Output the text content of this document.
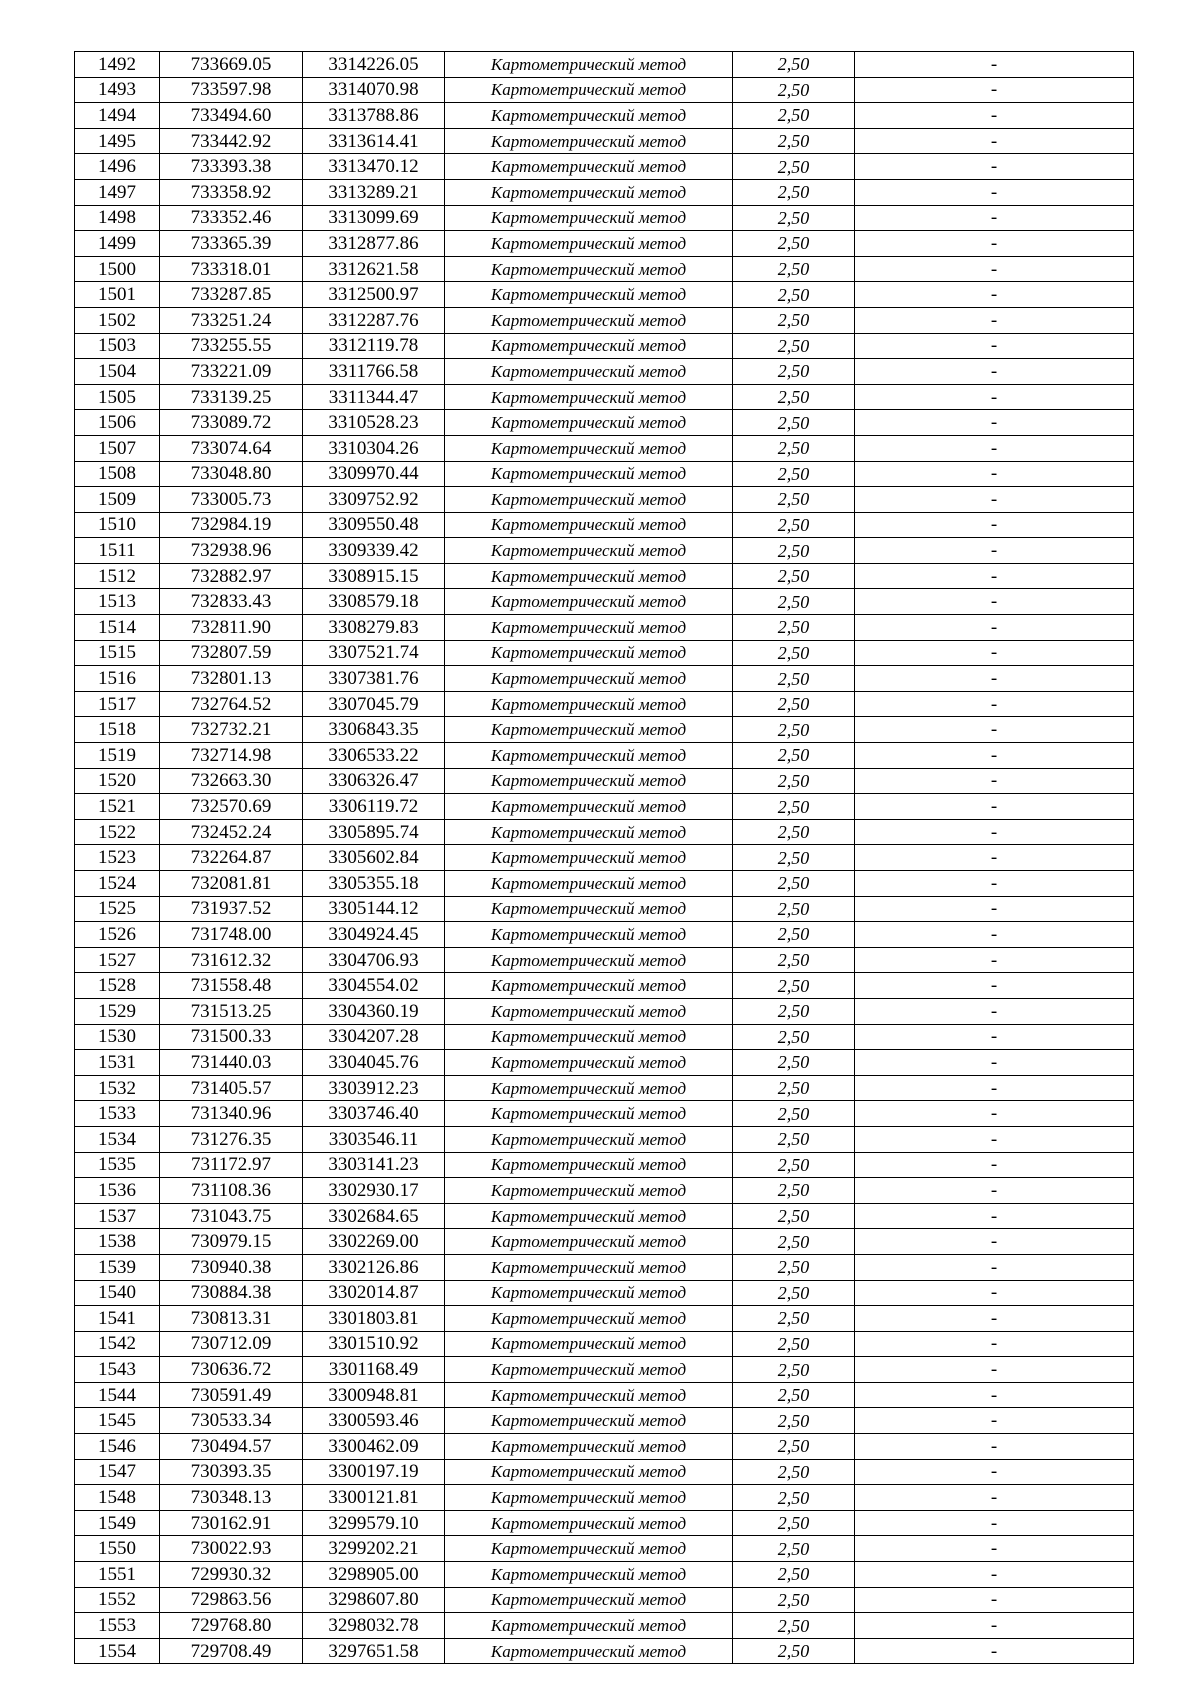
1492	733669.05	3314226.05	Картометрический метод	2,50	-
1493	733597.98	3314070.98	Картометрический метод	2,50	-
1494	733494.60	3313788.86	Картометрический метод	2,50	-
1495	733442.92	3313614.41	Картометрический метод	2,50	-
1496	733393.38	3313470.12	Картометрический метод	2,50	-
1497	733358.92	3313289.21	Картометрический метод	2,50	-
1498	733352.46	3313099.69	Картометрический метод	2,50	-
1499	733365.39	3312877.86	Картометрический метод	2,50	-
1500	733318.01	3312621.58	Картометрический метод	2,50	-
1501	733287.85	3312500.97	Картометрический метод	2,50	-
1502	733251.24	3312287.76	Картометрический метод	2,50	-
1503	733255.55	3312119.78	Картометрический метод	2,50	-
1504	733221.09	3311766.58	Картометрический метод	2,50	-
1505	733139.25	3311344.47	Картометрический метод	2,50	-
1506	733089.72	3310528.23	Картометрический метод	2,50	-
1507	733074.64	3310304.26	Картометрический метод	2,50	-
1508	733048.80	3309970.44	Картометрический метод	2,50	-
1509	733005.73	3309752.92	Картометрический метод	2,50	-
1510	732984.19	3309550.48	Картометрический метод	2,50	-
1511	732938.96	3309339.42	Картометрический метод	2,50	-
1512	732882.97	3308915.15	Картометрический метод	2,50	-
1513	732833.43	3308579.18	Картометрический метод	2,50	-
1514	732811.90	3308279.83	Картометрический метод	2,50	-
1515	732807.59	3307521.74	Картометрический метод	2,50	-
1516	732801.13	3307381.76	Картометрический метод	2,50	-
1517	732764.52	3307045.79	Картометрический метод	2,50	-
1518	732732.21	3306843.35	Картометрический метод	2,50	-
1519	732714.98	3306533.22	Картометрический метод	2,50	-
1520	732663.30	3306326.47	Картометрический метод	2,50	-
1521	732570.69	3306119.72	Картометрический метод	2,50	-
1522	732452.24	3305895.74	Картометрический метод	2,50	-
1523	732264.87	3305602.84	Картометрический метод	2,50	-
1524	732081.81	3305355.18	Картометрический метод	2,50	-
1525	731937.52	3305144.12	Картометрический метод	2,50	-
1526	731748.00	3304924.45	Картометрический метод	2,50	-
1527	731612.32	3304706.93	Картометрический метод	2,50	-
1528	731558.48	3304554.02	Картометрический метод	2,50	-
1529	731513.25	3304360.19	Картометрический метод	2,50	-
1530	731500.33	3304207.28	Картометрический метод	2,50	-
1531	731440.03	3304045.76	Картометрический метод	2,50	-
1532	731405.57	3303912.23	Картометрический метод	2,50	-
1533	731340.96	3303746.40	Картометрический метод	2,50	-
1534	731276.35	3303546.11	Картометрический метод	2,50	-
1535	731172.97	3303141.23	Картометрический метод	2,50	-
1536	731108.36	3302930.17	Картометрический метод	2,50	-
1537	731043.75	3302684.65	Картометрический метод	2,50	-
1538	730979.15	3302269.00	Картометрический метод	2,50	-
1539	730940.38	3302126.86	Картометрический метод	2,50	-
1540	730884.38	3302014.87	Картометрический метод	2,50	-
1541	730813.31	3301803.81	Картометрический метод	2,50	-
1542	730712.09	3301510.92	Картометрический метод	2,50	-
1543	730636.72	3301168.49	Картометрический метод	2,50	-
1544	730591.49	3300948.81	Картометрический метод	2,50	-
1545	730533.34	3300593.46	Картометрический метод	2,50	-
1546	730494.57	3300462.09	Картометрический метод	2,50	-
1547	730393.35	3300197.19	Картометрический метод	2,50	-
1548	730348.13	3300121.81	Картометрический метод	2,50	-
1549	730162.91	3299579.10	Картометрический метод	2,50	-
1550	730022.93	3299202.21	Картометрический метод	2,50	-
1551	729930.32	3298905.00	Картометрический метод	2,50	-
1552	729863.56	3298607.80	Картометрический метод	2,50	-
1553	729768.80	3298032.78	Картометрический метод	2,50	-
1554	729708.49	3297651.58	Картометрический метод	2,50	-
